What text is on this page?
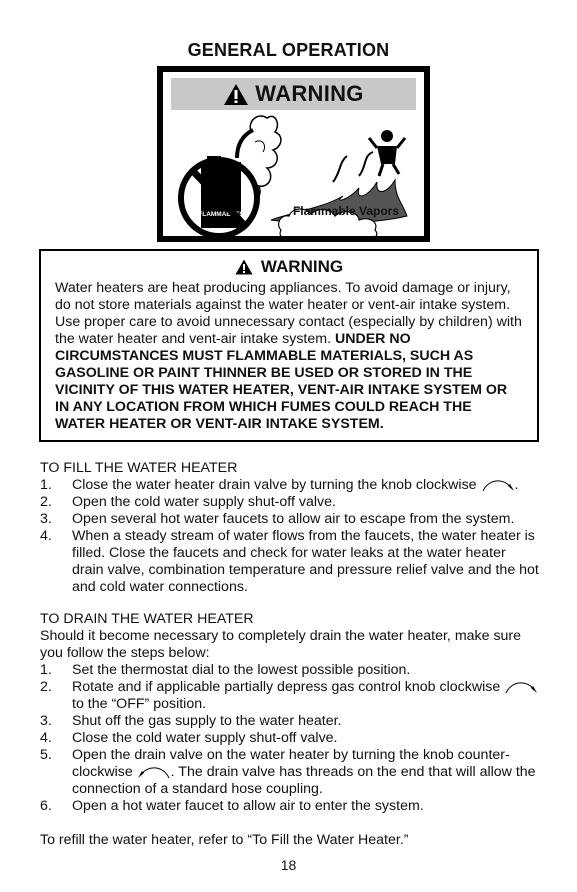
GENERAL OPERATION
WARNING
FLAMMABLES	Flammable Vapors
WARNING
Water heaters are heat producing appliances. To avoid damage or injury, do not store materials against the water heater or vent-air intake system. Use proper care to avoid unnecessary contact (especially by children) with the water heater and vent-air intake system. UNDER NO CIRCUMSTANCES MUST FLAMMABLE MATERIALS, SUCH AS GASOLINE OR PAINT THINNER BE USED OR STORED IN THE VICINITY OF THIS WATER HEATER, VENT-AIR INTAKE SYSTEM OR IN ANY LOCATION FROM WHICH FUMES COULD REACH THE WATER HEATER OR VENT-AIR INTAKE SYSTEM.
TO FILL THE WATER HEATER
1. Close the water heater drain valve by turning the knob clockwise	.
2. Open the cold water supply shut-off valve.
3. Open several hot water faucets to allow air to escape from the system.
4. When a steady stream of water flows from the faucets, the water heater is filled. Close the faucets and check for water leaks at the water heater drain valve, combination temperature and pressure relief valve and the hot and cold water connections.
TO DRAIN THE WATER HEATER
Should it become necessary to completely drain the water heater, make sure you follow the steps below:
1. Set the thermostat dial to the lowest possible position.
2. Rotate and if applicable partially depress gas control knob clockwise  to the “OFF” position.
3. Shut off the gas supply to the water heater.
4. Close the cold water supply shut-off valve.
5. Open the drain valve on the water heater by turning the knob counter-clockwise	. The drain valve has threads on the end that will allow the connection of a standard hose coupling.
6. Open a hot water faucet to allow air to enter the system.
To refill the water heater, refer to “To Fill the Water Heater.”
18
